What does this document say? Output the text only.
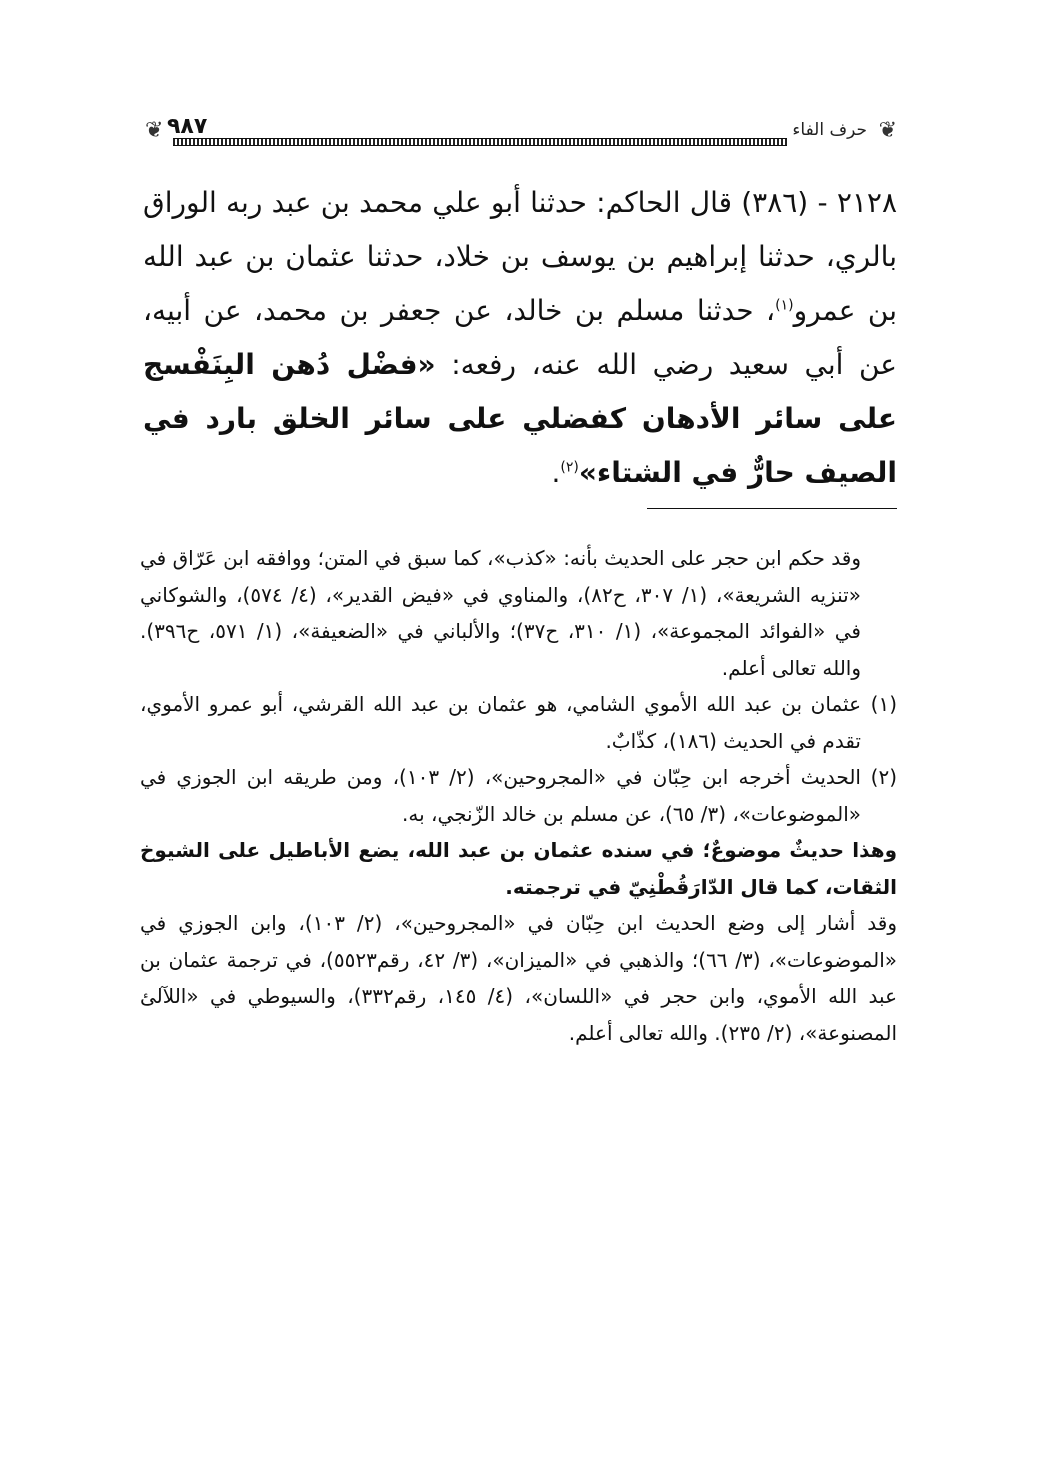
❦
حرف الفاء
٩٨٧
❦
٢١٢٨ - (٣٨٦) قال الحاكم: حدثنا أبو علي محمد بن عبد ربه الوراق بالري، حدثنا إبراهيم بن يوسف بن خلاد، حدثنا عثمان بن عبد الله بن عمرو$^{(١)}$، حدثنا مسلم بن خالد، عن جعفر بن محمد، عن أبيه، عن أبي سعيد رضي الله عنه، رفعه: «فضْل دُهن البِنَفْسج على سائر الأدهان كفضلي على سائر الخلق بارد في الصيف حارٌّ في الشتاء»$^{(٢)}$.

وقد حكم ابن حجر على الحديث بأنه: «كذب»، كما سبق في المتن؛ ووافقه ابن عَرّاق في «تنزيه الشريعة»، (١/ ٣٠٧، ح٨٢)، والمناوي في «فيض القدير»، (٤/ ٥٧٤)، والشوكاني في «الفوائد المجموعة»، (١/ ٣١٠، ح٣٧)؛ والألباني في «الضعيفة»، (١/ ٥٧١، ح٣٩٦). والله تعالى أعلم.

(١)
عثمان بن عبد الله الأموي الشامي، هو عثمان بن عبد الله القرشي، أبو عمرو الأموي، تقدم في الحديث (١٨٦)، كذّابٌ.

(٢)
الحديث أخرجه ابن حِبّان في «المجروحين»، (٢/ ١٠٣)، ومن طريقه ابن الجوزي في «الموضوعات»، (٣/ ٦٥)، عن مسلم بن خالد الزّنجي، به.

وهذا حديثٌ موضوعٌ؛ في سنده عثمان بن عبد الله، يضع الأباطيل على الشيوخ الثقات، كما قال الدّارَقُطْنِيّ في ترجمته.

وقد أشار إلى وضع الحديث ابن حِبّان في «المجروحين»، (٢/ ١٠٣)، وابن الجوزي في «الموضوعات»، (٣/ ٦٦)؛ والذهبي في «الميزان»، (٣/ ٤٢، رقم٥٥٢٣)، في ترجمة عثمان بن عبد الله الأموي، وابن حجر في «اللسان»، (٤/ ١٤٥، رقم٣٣٢)، والسيوطي في «اللآلئ المصنوعة»، (٢/ ٢٣٥). والله تعالى أعلم.
